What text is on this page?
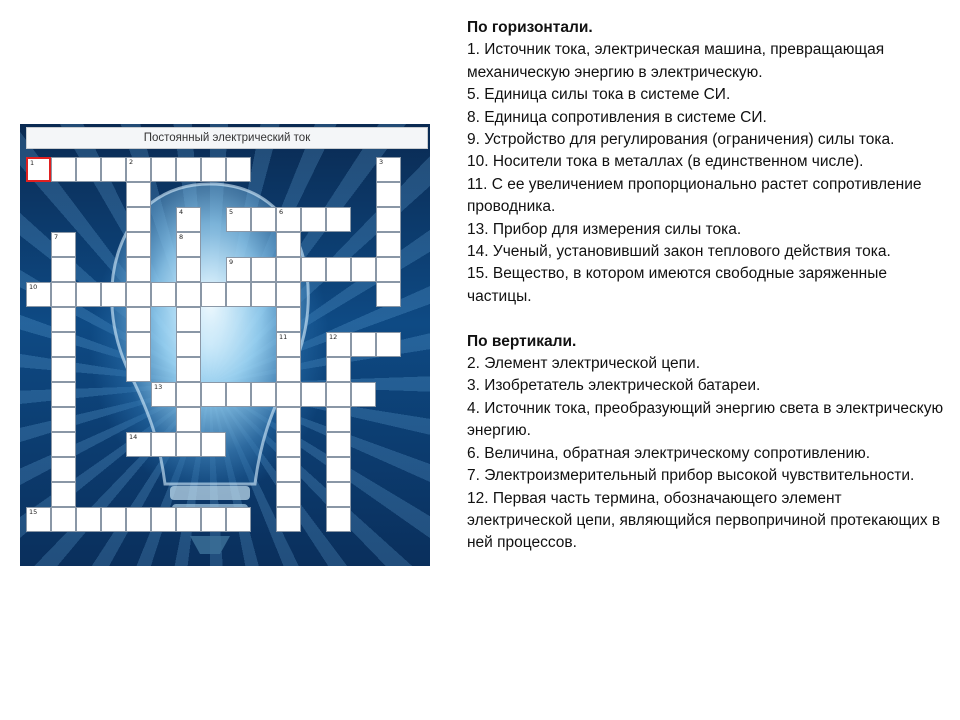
Постоянный электрический ток
1	2	3
4
8
5	6
11
7
9
10
12
13
14
15
По горизонтали.
1. Источник тока, электрическая машина, превращающая механическую энергию в электрическую.
5. Единица силы тока в системе СИ.
8. Единица сопротивления в системе СИ.
9. Устройство для регулирования (ограничения) силы тока.
10. Носители тока в металлах (в единственном числе).
11. С ее увеличением пропорционально растет сопротивление проводника.
13. Прибор для измерения силы тока.
14. Ученый, установивший закон теплового действия тока.
15. Вещество, в котором имеются свободные заряженные частицы.
По вертикали.
2. Элемент электрической цепи.
3. Изобретатель электрической батареи.
4. Источник тока, преобразующий энергию света в электрическую энергию.
6. Величина, обратная электрическому сопротивлению.
7. Электроизмерительный прибор высокой чувствительности.
12. Первая часть термина, обозначающего элемент электрической цепи, являющийся первопричиной протекающих в ней процессов.
